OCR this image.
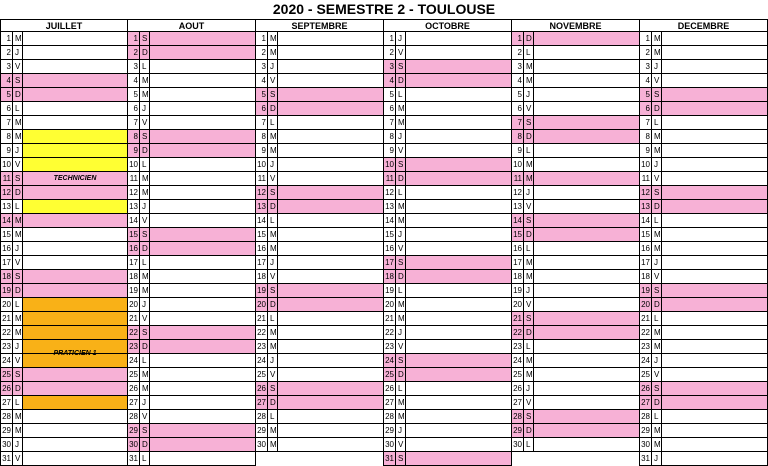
2020 - SEMESTRE 2 - TOULOUSE
JUILLET
1 M
2 J
3 V
4 S
5 D
6 L
7 M
8 M
9 J
10 V
11 S
12 D
13 L
14 M
15 M
16 J
17 V
18 S
19 D
20 L
21 M
22 M
23 J
24 V
25 S
26 D
27 L
28 M
29 M
30 J
31 V
TECHNICIEN
PRATICIEN 1
AOUT
1 S
2 D
3 L
4 M
5 M
6 J
7 V
8 S
9 D
10 L
11 M
12 M
13 J
14 V
15 S
16 D
17 L
18 M
19 M
20 J
21 V
22 S
23 D
24 L
25 M
26 M
27 J
28 V
29 S
30 D
31 L
SEPTEMBRE
1 M
2 M
3 J
4 V
5 S
6 D
7 L
8 M
9 M
10 J
11 V
12 S
13 D
14 L
15 M
16 M
17 J
18 V
19 S
20 D
21 L
22 M
23 M
24 J
25 V
26 S
27 D
28 L
29 M
30 M
OCTOBRE
1 J
2 V
3 S
4 D
5 L
6 M
7 M
8 J
9 V
10 S
11 D
12 L
13 M
14 M
15 J
16 V
17 S
18 D
19 L
20 M
21 M
22 J
23 V
24 S
25 D
26 L
27 M
28 M
29 J
30 V
31 S
NOVEMBRE
1 D
2 L
3 M
4 M
5 J
6 V
7 S
8 D
9 L
10 M
11 M
12 J
13 V
14 S
15 D
16 L
17 M
18 M
19 J
20 V
21 S
22 D
23 L
24 M
25 M
26 J
27 V
28 S
29 D
30 L
DECEMBRE
1 M
2 M
3 J
4 V
5 S
6 D
7 L
8 M
9 M
10 J
11 V
12 S
13 D
14 L
15 M
16 M
17 J
18 V
19 S
20 D
21 L
22 M
23 M
24 J
25 V
26 S
27 D
28 L
29 M
30 M
31 J
